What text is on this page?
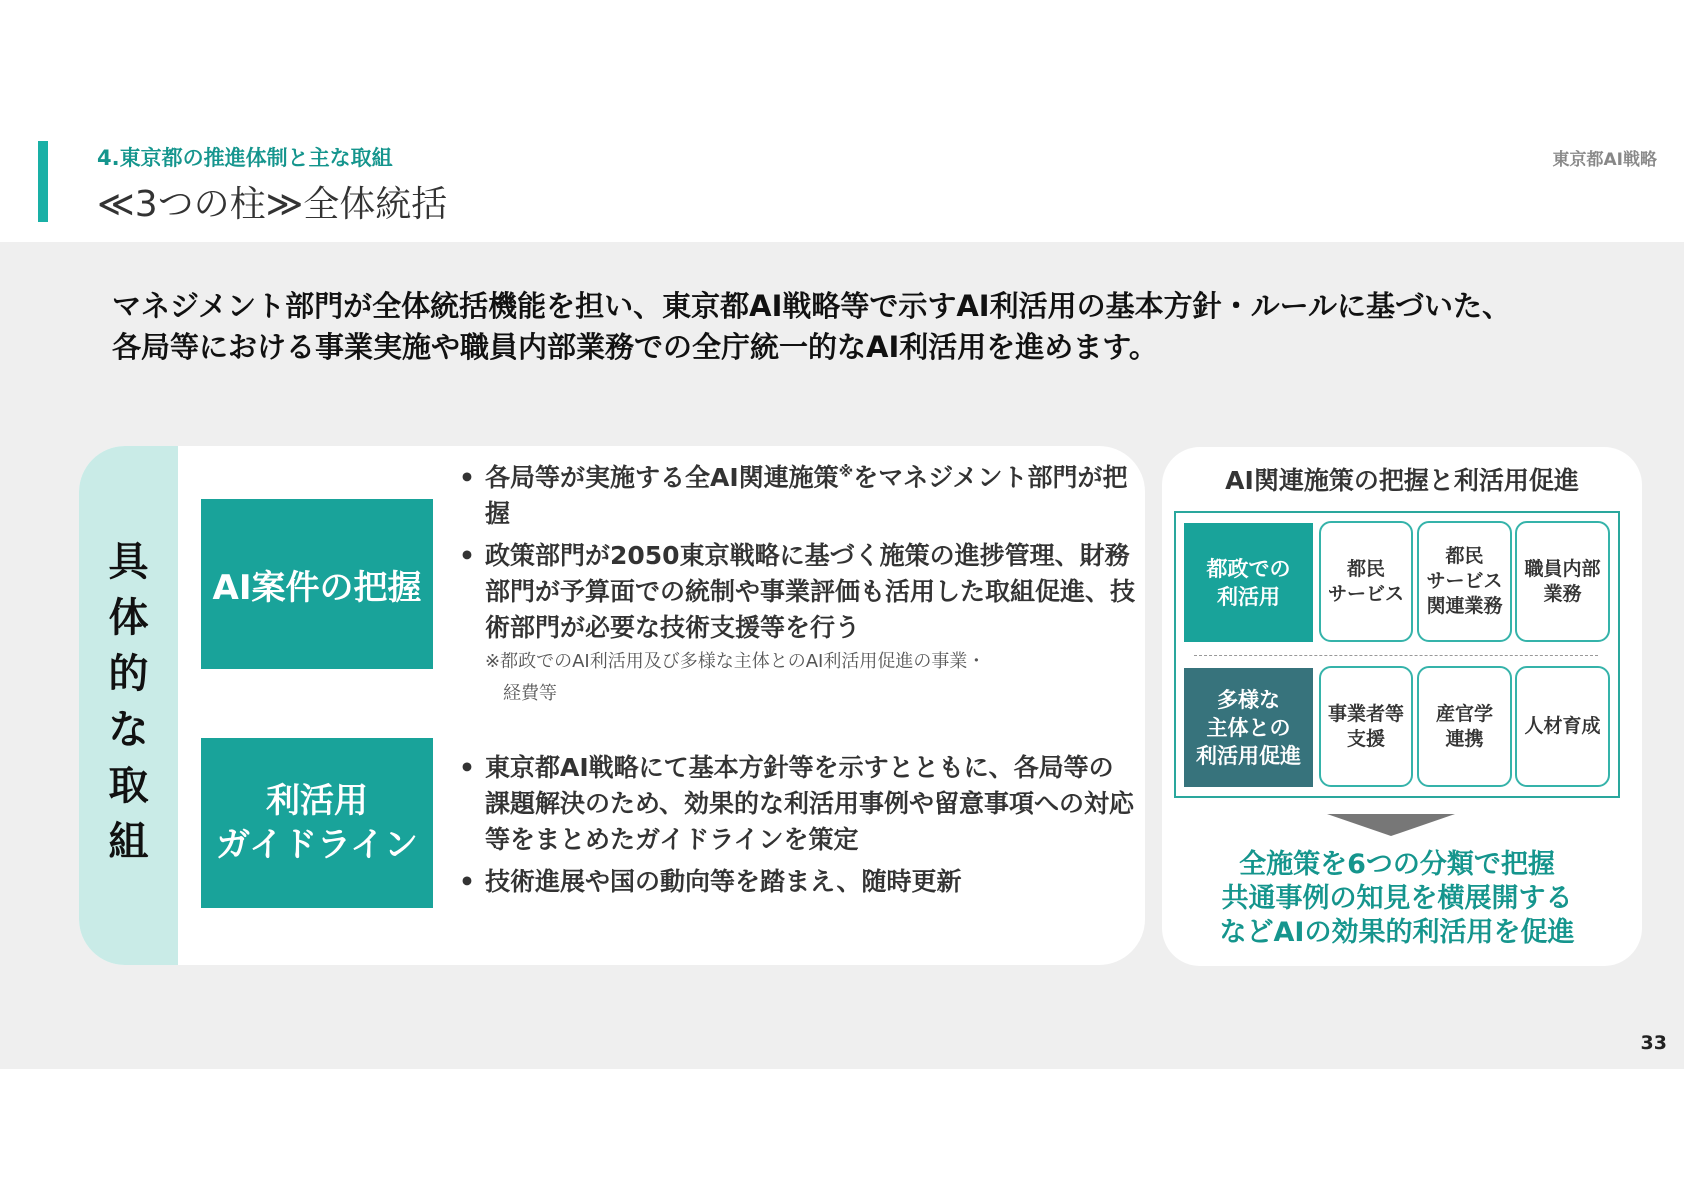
4.東京都の推進体制と主な取組
≪3つの柱≫全体統括
東京都AI戦略
マネジメント部門が全体統括機能を担い、東京都AI戦略等で示すAI利活用の基本方針・ルールに基づいた、
各局等における事業実施や職員内部業務での全庁統一的なAI利活用を進めます。
具
体
的
な
取
組
AI案件の把握
• 各局等が実施する全AI関連施策※をマネジメント部門が把握
• 政策部門が2050東京戦略に基づく施策の進捗管理、財務部門が予算面での統制や事業評価も活用した取組促進、技術部門が必要な技術支援等を行う
※都政でのAI利活用及び多様な主体とのAI利活用促進の事業・
経費等
利活用
ガイドライン
• 東京都AI戦略にて基本方針等を示すとともに、各局等の課題解決のため、効果的な利活用事例や留意事項への対応等をまとめたガイドラインを策定
• 技術進展や国の動向等を踏まえ、随時更新
AI関連施策の把握と利活用促進
都政での
利活用
都民
サービス
都民
サービス
関連業務
職員内部
業務
多様な
主体との
利活用促進
事業者等
支援
産官学
連携
人材育成
全施策を6つの分類で把握
共通事例の知見を横展開する
などAIの効果的利活用を促進
33
